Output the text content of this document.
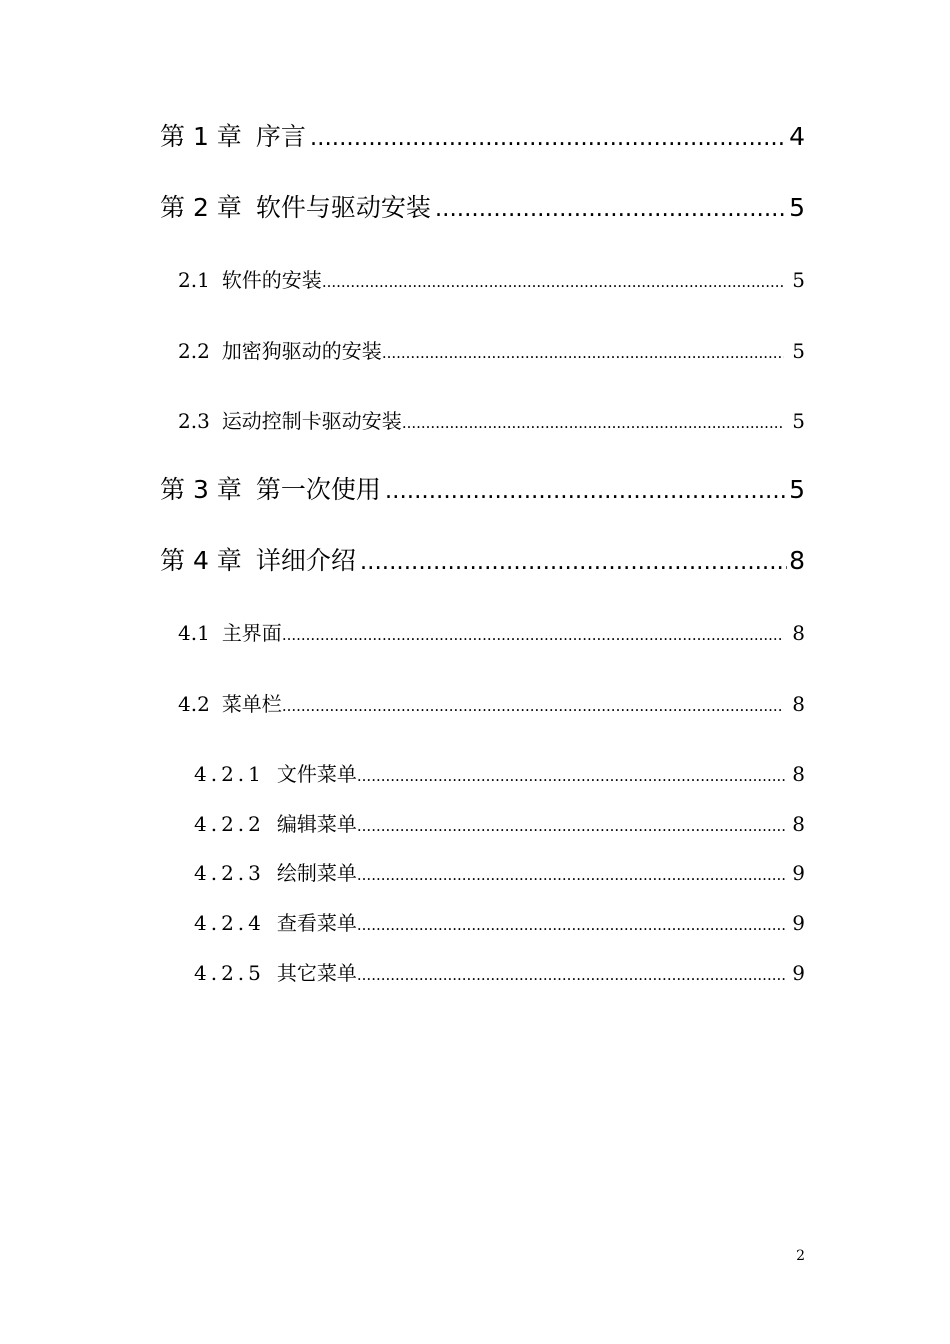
第 1 章 序言 .....	4
第 2 章 软件与驱动安装 .....	5
2.1 软件的安装 .....	5
2.2 加密狗驱动的安装 .....	5
2.3 运动控制卡驱动安装 .....	5
第 3 章 第一次使用 .....	5
第 4 章 详细介绍 .....	8
4.1 主界面 .....	8
4.2 菜单栏 .....	8
4.2.1 文件菜单 .....	8
4.2.2 编辑菜单 .....	8
4.2.3 绘制菜单 .....	9
4.2.4 查看菜单 .....	9
4.2.5 其它菜单 .....	9
2
